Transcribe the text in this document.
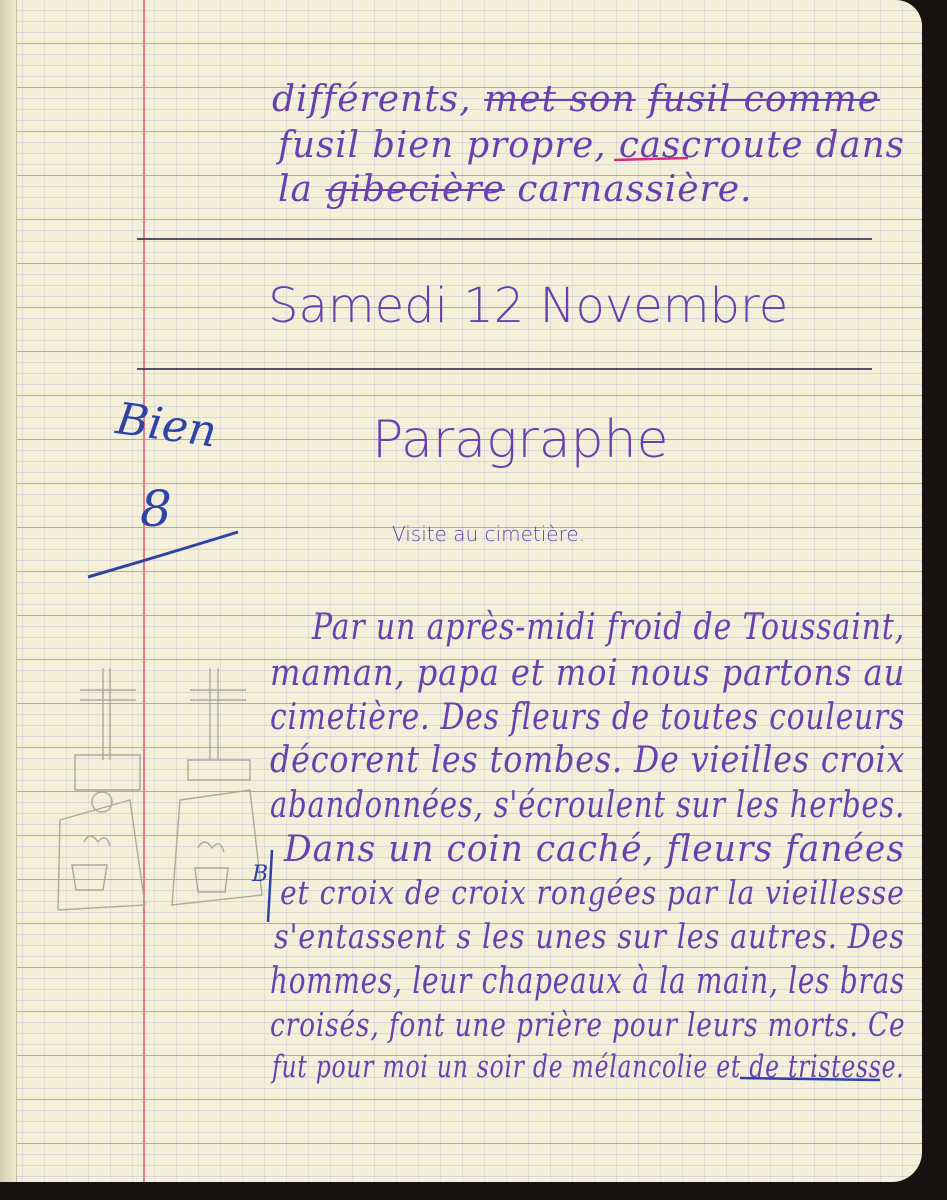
différents, met son fusil comme
fusil bien propre, cascroute dans
la gibecière carnassière.
Samedi 12 Novembre
Paragraphe
Visite au cimetière.
Bien
8
B
Par un après-midi froid de Toussaint,
maman, papa et moi nous partons au
cimetière. Des fleurs de toutes couleurs
décorent les tombes. De vieilles croix
abandonnées, s'écroulent sur les herbes.
Dans un coin caché, fleurs fanées
et croix de croix rongées par la vieillesse
s'entassent s les unes sur les autres. Des
hommes, leur chapeaux à la main, les bras
croisés, font une prière pour leurs morts. Ce
fut pour moi un soir de mélancolie et de tristesse.
